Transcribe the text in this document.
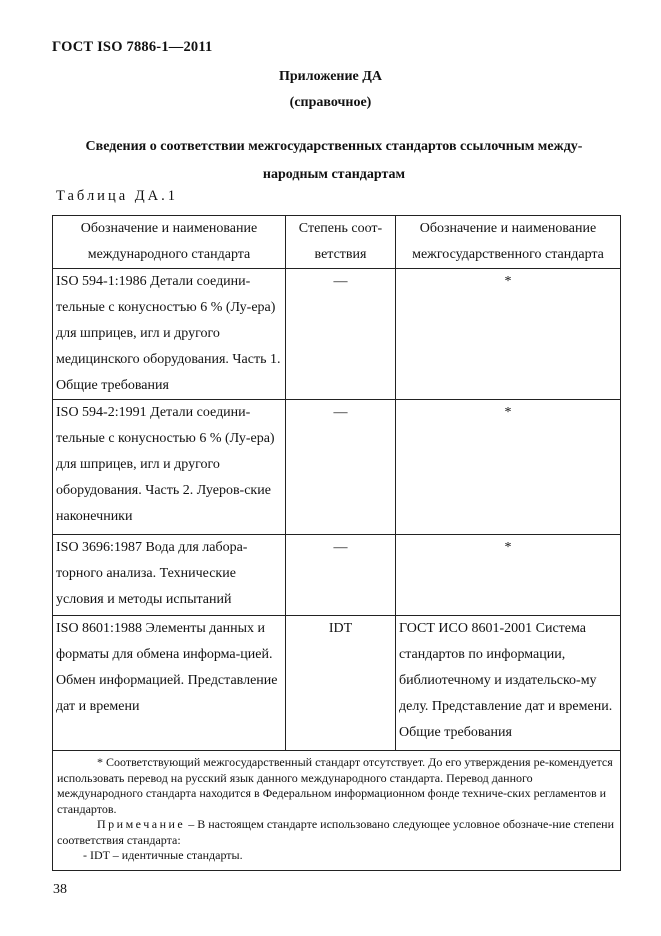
ГОСТ ISO 7886-1—2011
Приложение ДА
(справочное)
Сведения о соответствии межгосударственных стандартов ссылочным между-
народным стандартам
Таблица ДА.1
Обозначение и наименование международного стандарта	Степень соот-ветствия	Обозначение и наименование межгосударственного стандарта
ISO 594-1:1986 Детали соедини-тельные с конусностъю 6 % (Лу-ера) для шприцев, игл и другого медицинского оборудования. Часть 1. Общие требования	—	*
ISO 594-2:1991 Детали соедини-тельные с конусностью 6 % (Лу-ера) для шприцев, игл и другого оборудования. Часть 2. Луеров-ские наконечники	—	*
ISO 3696:1987 Вода для лабора-торного анализа. Технические условия и методы испытаний	—	*
ISO 8601:1988 Элементы данных и форматы для обмена информа-цией. Обмен информацией. Представление дат и времени	IDT	ГОСТ ИСО 8601-2001 Система стандартов по информации, библиотечному и издательско-му делу. Представление дат и времени. Общие требования

* Соответствующий межгосударственный стандарт отсутствует. До его утверждения ре-комендуется использовать перевод на русский язык данного международного стандарта. Перевод данного международного стандарта находится в Федеральном информационном фонде техниче-ских регламентов и стандартов.

Примечание – В настоящем стандарте использовано следующее условное обозначе-ние степени соответствия стандарта:

- IDT – идентичные стандарты.		

38
